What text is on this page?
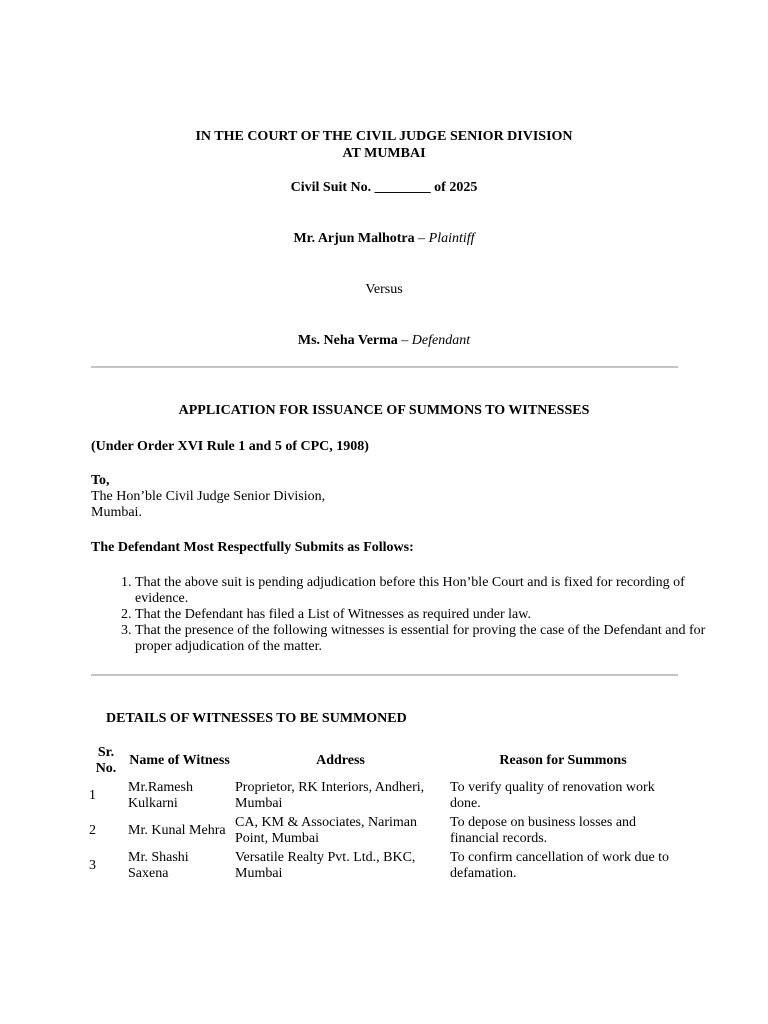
IN THE COURT OF THE CIVIL JUDGE SENIOR DIVISION
AT MUMBAI
Civil Suit No. ________ of 2025
Mr. Arjun Malhotra – Plaintiff
Versus
Ms. Neha Verma – Defendant
APPLICATION FOR ISSUANCE OF SUMMONS TO WITNESSES
(Under Order XVI Rule 1 and 5 of CPC, 1908)
To,
The Hon’ble Civil Judge Senior Division,
Mumbai.
The Defendant Most Respectfully Submits as Follows:
1. That the above suit is pending adjudication before this Hon’ble Court and is fixed for recording of evidence.
2. That the Defendant has filed a List of Witnesses as required under law.
3. That the presence of the following witnesses is essential for proving the case of the Defendant and for proper adjudication of the matter.
DETAILS OF WITNESSES TO BE SUMMONED
Sr. No.	Name of Witness	Address	Reason for Summons
1	Mr.Ramesh Kulkarni	Proprietor, RK Interiors, Andheri, Mumbai	To verify quality of renovation work done.
2	Mr. Kunal Mehra	CA, KM & Associates, Nariman Point, Mumbai	To depose on business losses and financial records.
3	Mr. Shashi Saxena	Versatile Realty Pvt. Ltd., BKC, Mumbai	To confirm cancellation of work due to defamation.
